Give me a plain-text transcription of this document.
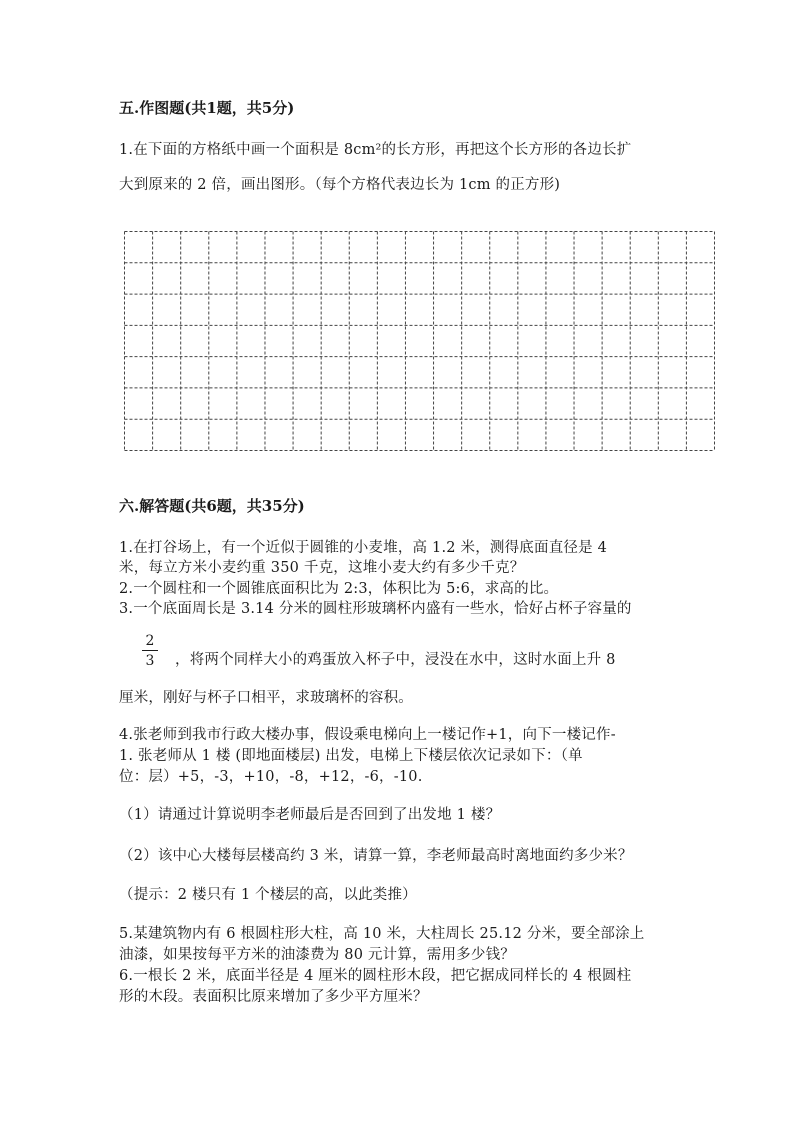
五.作图题(共1题，共5分)
1.在下面的方格纸中画一个面积是 8cm²的长方形，再把这个长方形的各边长扩
大到原来的 2 倍，画出图形。（每个方格代表边长为 1cm 的正方形)
六.解答题(共6题，共35分)
1.在打谷场上，有一个近似于圆锥的小麦堆，高 1.2 米，测得底面直径是 4
米，每立方米小麦约重 350 千克，这堆小麦大约有多少千克？
2.一个圆柱和一个圆锥底面积比为 2:3，体积比为 5:6，求高的比。
3.一个底面周长是 3.14 分米的圆柱形玻璃杯内盛有一些水，恰好占杯子容量的
2
3 ，将两个同样大小的鸡蛋放入杯子中，浸没在水中，这时水面上升 8
厘米，刚好与杯子口相平，求玻璃杯的容积。
4.张老师到我市行政大楼办事，假设乘电梯向上一楼记作+1，向下一楼记作-
1. 张老师从 1 楼 (即地面楼层) 出发，电梯上下楼层依次记录如下：（单
位：层）+5，-3，+10，-8，+12，-6，-10.
（1）请通过计算说明李老师最后是否回到了出发地 1 楼？
（2）该中心大楼每层楼高约 3 米，请算一算，李老师最高时离地面约多少米？
（提示：2 楼只有 1 个楼层的高，以此类推）
5.某建筑物内有 6 根圆柱形大柱，高 10 米，大柱周长 25.12 分米，要全部涂上
油漆，如果按每平方米的油漆费为 80 元计算，需用多少钱？
6.一根长 2 米，底面半径是 4 厘米的圆柱形木段，把它据成同样长的 4 根圆柱
形的木段。表面积比原来增加了多少平方厘米？
